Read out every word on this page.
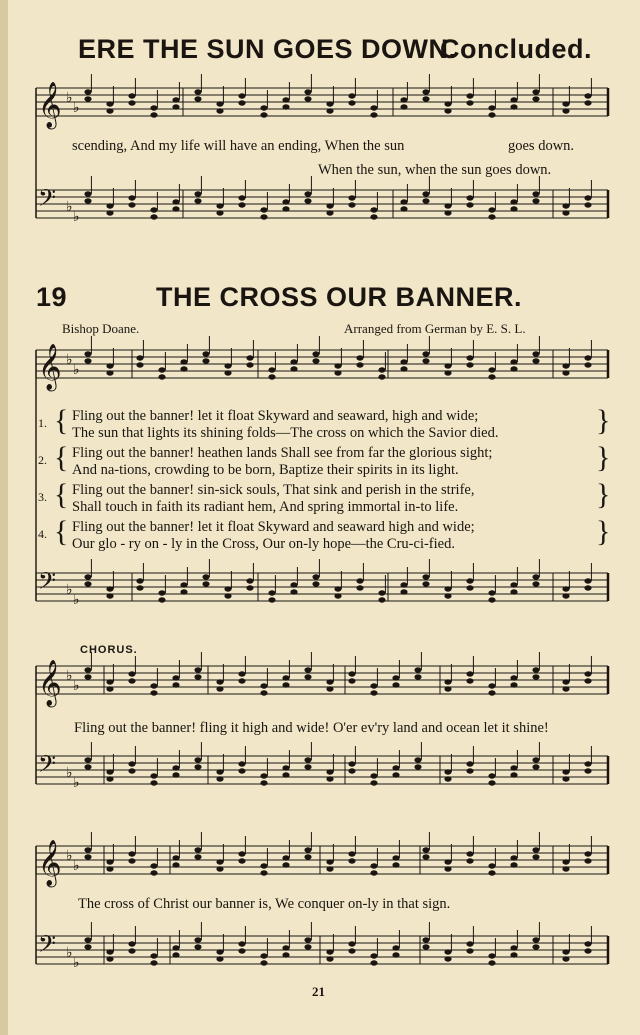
ERE THE SUN GOES DOWN.
Concluded.
𝄞 ♭
♭
𝄢 ♭
♭
𝄞 ♭
♭
𝄢 ♭
♭
𝄞 ♭
♭
𝄢 ♭
♭
𝄞 ♭
♭
𝄢 ♭
♭
scending, And my life will have an ending, When the sun	goes down.
When the sun, when the sun goes down.
19	THE CROSS OUR BANNER.
Bishop Doane.	Arranged from German by E. S. L.
1. { Fling out the banner! let it float Skyward and seaward, high and wide;
The sun that lights its shining folds—The cross on which the Savior died.	}
2. { Fling out the banner! heathen lands Shall see from far the glorious sight;
And na-tions, crowding to be born, Baptize their spirits in its light.	}
3. { Fling out the banner! sin-sick souls, That sink and perish in the strife,
Shall touch in faith its radiant hem, And spring immortal in-to life.	}
4. { Fling out the banner! let it float Skyward and seaward high and wide;
Our glo - ry on - ly in the Cross, Our on-ly hope—the Cru-ci-fied.	}
CHORUS.
Fling out the banner! fling it high and wide! O'er ev'ry land and ocean let it shine!
The cross of Christ our banner is, We conquer on-ly in that sign.
21
